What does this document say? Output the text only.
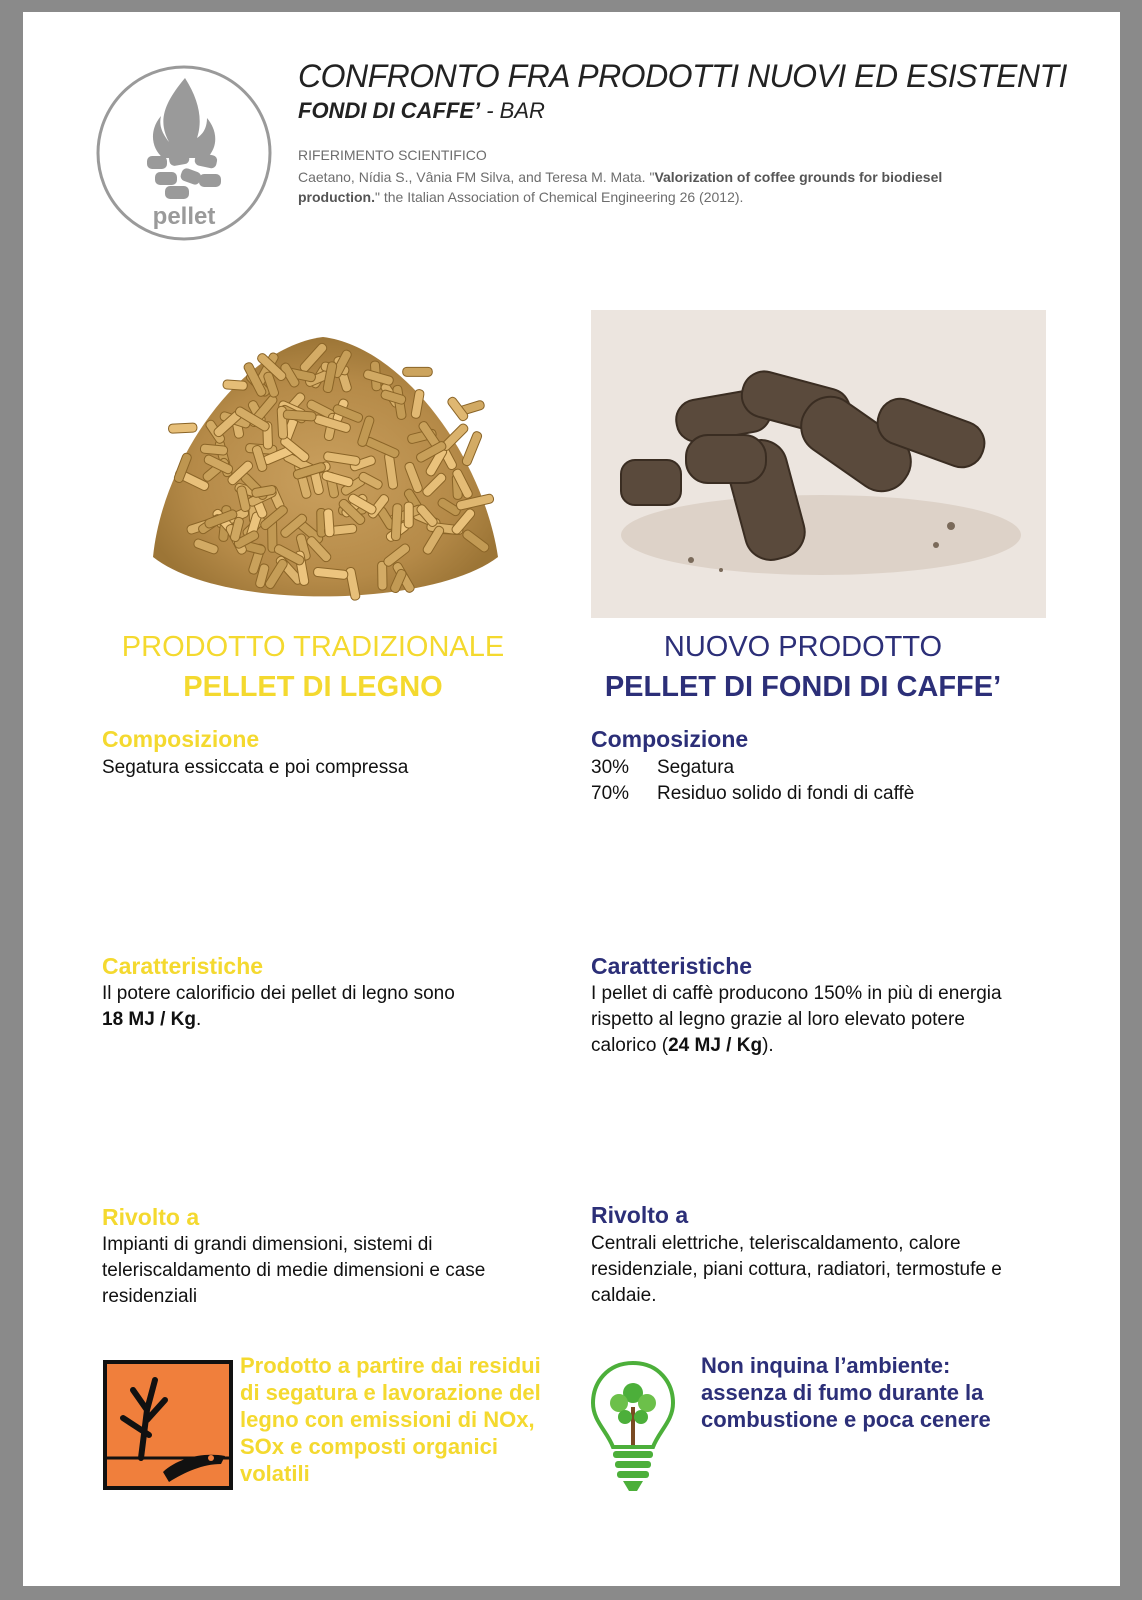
pellet
CONFRONTO FRA PRODOTTI NUOVI ED ESISTENTI
FONDI DI CAFFE’ - BAR
RIFERIMENTO SCIENTIFICO
Caetano, Nídia S., Vânia FM Silva, and Teresa M. Mata. "Valorization of coffee grounds for biodiesel production." the Italian Association of Chemical Engineering 26 (2012).
PRODOTTO TRADIZIONALE
PELLET DI LEGNO
NUOVO PRODOTTO
PELLET DI FONDI DI CAFFE’
Composizione
Segatura essiccata e poi compressa
Caratteristiche
Il potere calorificio dei pellet di legno sono
18 MJ / Kg.
Rivolto a
Impianti di grandi dimensioni, sistemi di teleriscaldamento di medie dimensioni e case residenziali
Composizione
30% Segatura
70% Residuo solido di fondi di caffè
Caratteristiche
I pellet di caffè producono 150% in più di energia rispetto al legno grazie al loro elevato potere calorico (24 MJ / Kg).
Rivolto a
Centrali elettriche, teleriscaldamento, calore residenziale, piani cottura, radiatori, termostufe e caldaie.
Prodotto a partire dai residui di segatura e lavorazione del legno con emissioni di NOx, SOx e composti organici volatili
Non inquina l’ambiente: assenza di fumo durante la combustione e poca cenere
